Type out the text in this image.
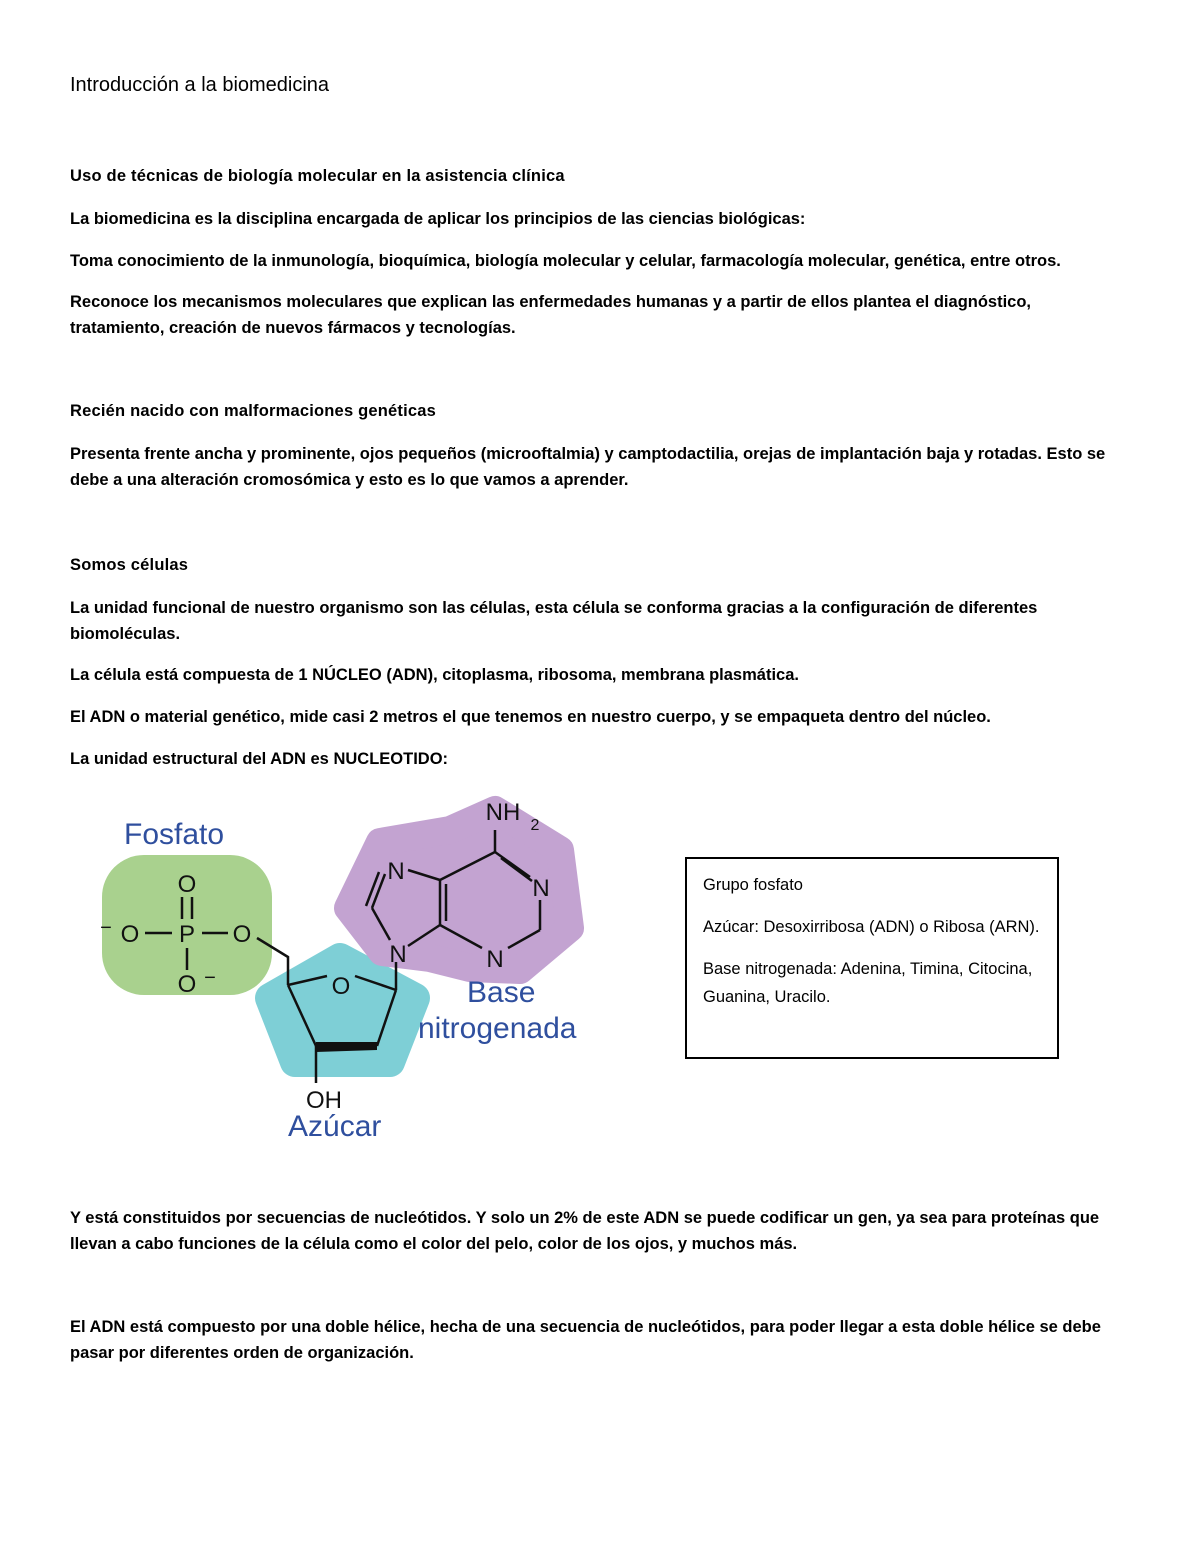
Introducción a la biomedicina

Uso de técnicas de biología molecular en la asistencia clínica

La biomedicina es la disciplina encargada de aplicar los principios de las ciencias biológicas:

Toma conocimiento de la inmunología, bioquímica, biología molecular y celular, farmacología molecular, genética, entre otros.

Reconoce los mecanismos moleculares que explican las enfermedades humanas y a partir de ellos plantea el diagnóstico, tratamiento, creación de nuevos fármacos y tecnologías.

Recién nacido con malformaciones genéticas

Presenta frente ancha y prominente, ojos pequeños (microoftalmia) y camptodactilia, orejas de implantación baja y rotadas. Esto se debe a una alteración cromosómica y esto es lo que vamos a aprender.

Somos células

La unidad funcional de nuestro organismo son las células, esta célula se conforma gracias a la configuración de diferentes biomoléculas.

La célula está compuesta de 1 NÚCLEO (ADN), citoplasma, ribosoma, membrana plasmática.

El ADN o material genético, mide casi 2 metros el que tenemos en nuestro cuerpo, y se empaqueta dentro del núcleo.

La unidad estructural del ADN es NUCLEOTIDO:

Fosfato
Base
nitrogenada
Azúcar
O
P
O	O
O
−
−	O
OH
NH 2
N
N
N	N

Grupo fosfato

Azúcar: Desoxirribosa (ADN) o Ribosa (ARN).

Base nitrogenada: Adenina, Timina, Citocina, Guanina, Uracilo.

Y está constituidos por secuencias de nucleótidos. Y solo un 2% de este ADN se puede codificar un gen, ya sea para proteínas que llevan a cabo funciones de la célula como el color del pelo, color de los ojos, y muchos más.

El ADN está compuesto por una doble hélice, hecha de una secuencia de nucleótidos, para poder llegar a esta doble hélice se debe pasar por diferentes orden de organización.
